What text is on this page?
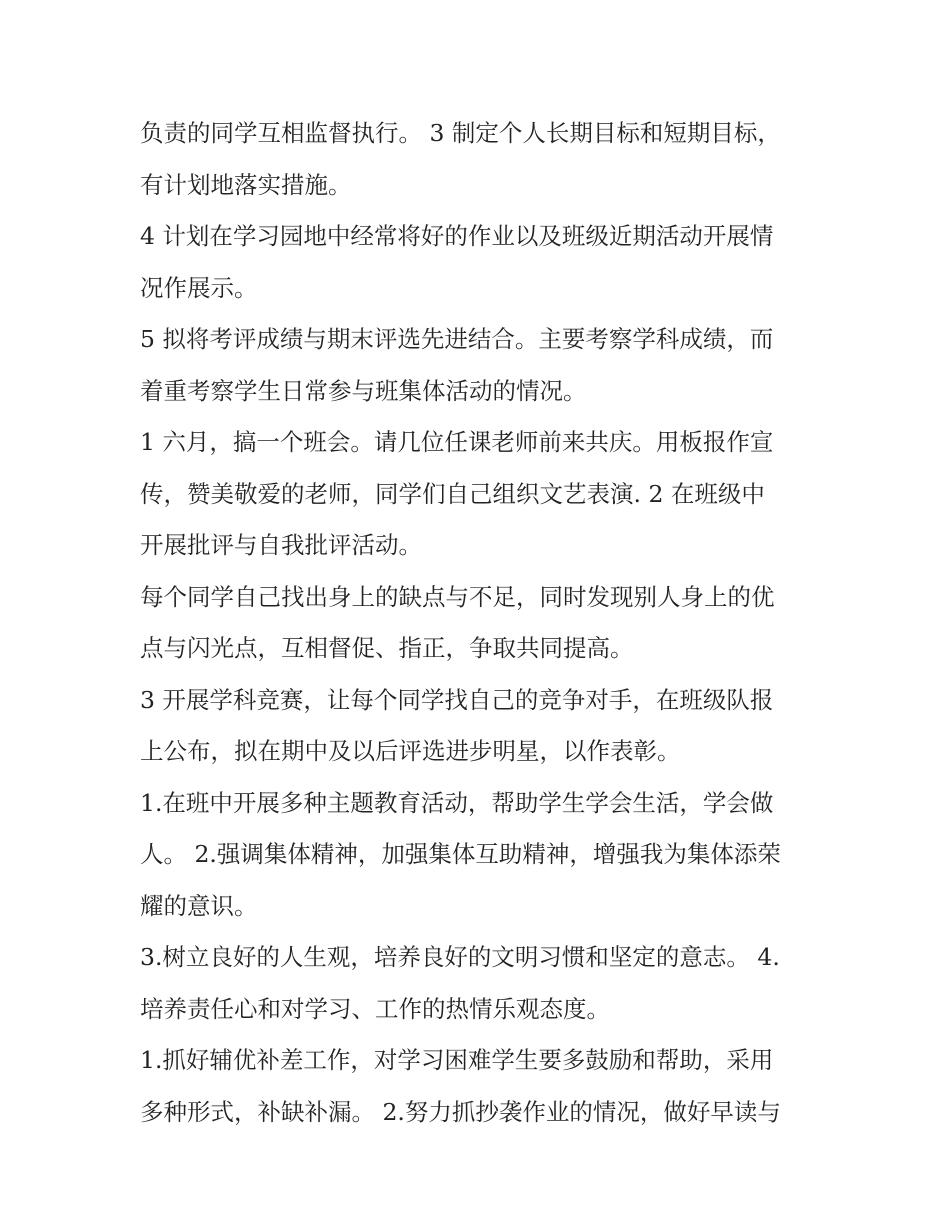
负责的同学互相监督执行。 3 制定个人长期目标和短期目标，
有计划地落实措施。
4 计划在学习园地中经常将好的作业以及班级近期活动开展情
况作展示。
5 拟将考评成绩与期末评选先进结合。主要考察学科成绩，而
着重考察学生日常参与班集体活动的情况。
1 六月，搞一个班会。请几位任课老师前来共庆。用板报作宣
传，赞美敬爱的老师，同学们自己组织文艺表演. 2 在班级中
开展批评与自我批评活动。
每个同学自己找出身上的缺点与不足，同时发现别人身上的优
点与闪光点，互相督促、指正，争取共同提高。
3 开展学科竞赛，让每个同学找自己的竞争对手，在班级队报
上公布，拟在期中及以后评选进步明星，以作表彰。
1.在班中开展多种主题教育活动，帮助学生学会生活，学会做
人。 2.强调集体精神，加强集体互助精神，增强我为集体添荣
耀的意识。
3.树立良好的人生观，培养良好的文明习惯和坚定的意志。 4.
培养责任心和对学习、工作的热情乐观态度。
1.抓好辅优补差工作，对学习困难学生要多鼓励和帮助，采用
多种形式，补缺补漏。 2.努力抓抄袭作业的情况，做好早读与
